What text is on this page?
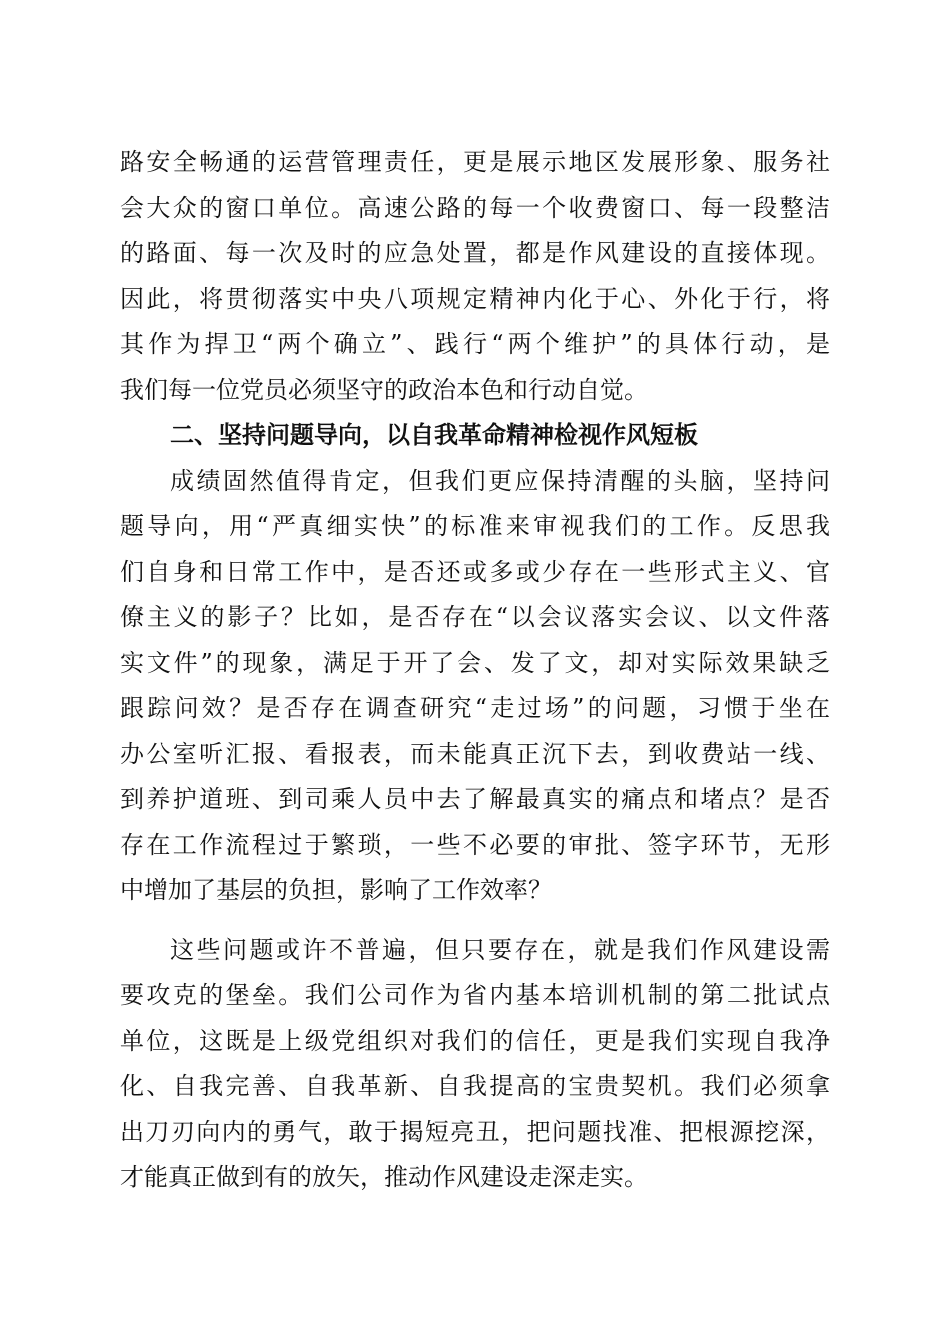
路安全畅通的运营管理责任，更是展示地区发展形象、服务社
会大众的窗口单位。高速公路的每一个收费窗口、每一段整洁
的路面、每一次及时的应急处置，都是作风建设的直接体现。
因此，将贯彻落实中央八项规定精神内化于心、外化于行，将
其作为捍卫“两个确立”、践行“两个维护”的具体行动，是
我们每一位党员必须坚守的政治本色和行动自觉。
二、坚持问题导向，以自我革命精神检视作风短板
成绩固然值得肯定，但我们更应保持清醒的头脑，坚持问
题导向，用“严真细实快”的标准来审视我们的工作。反思我
们自身和日常工作中，是否还或多或少存在一些形式主义、官
僚主义的影子？比如，是否存在“以会议落实会议、以文件落
实文件”的现象，满足于开了会、发了文，却对实际效果缺乏
跟踪问效？是否存在调查研究“走过场”的问题，习惯于坐在
办公室听汇报、看报表，而未能真正沉下去，到收费站一线、
到养护道班、到司乘人员中去了解最真实的痛点和堵点？是否
存在工作流程过于繁琐，一些不必要的审批、签字环节，无形
中增加了基层的负担，影响了工作效率？
这些问题或许不普遍，但只要存在，就是我们作风建设需
要攻克的堡垒。我们公司作为省内基本培训机制的第二批试点
单位，这既是上级党组织对我们的信任，更是我们实现自我净
化、自我完善、自我革新、自我提高的宝贵契机。我们必须拿
出刀刃向内的勇气，敢于揭短亮丑，把问题找准、把根源挖深，
才能真正做到有的放矢，推动作风建设走深走实。
